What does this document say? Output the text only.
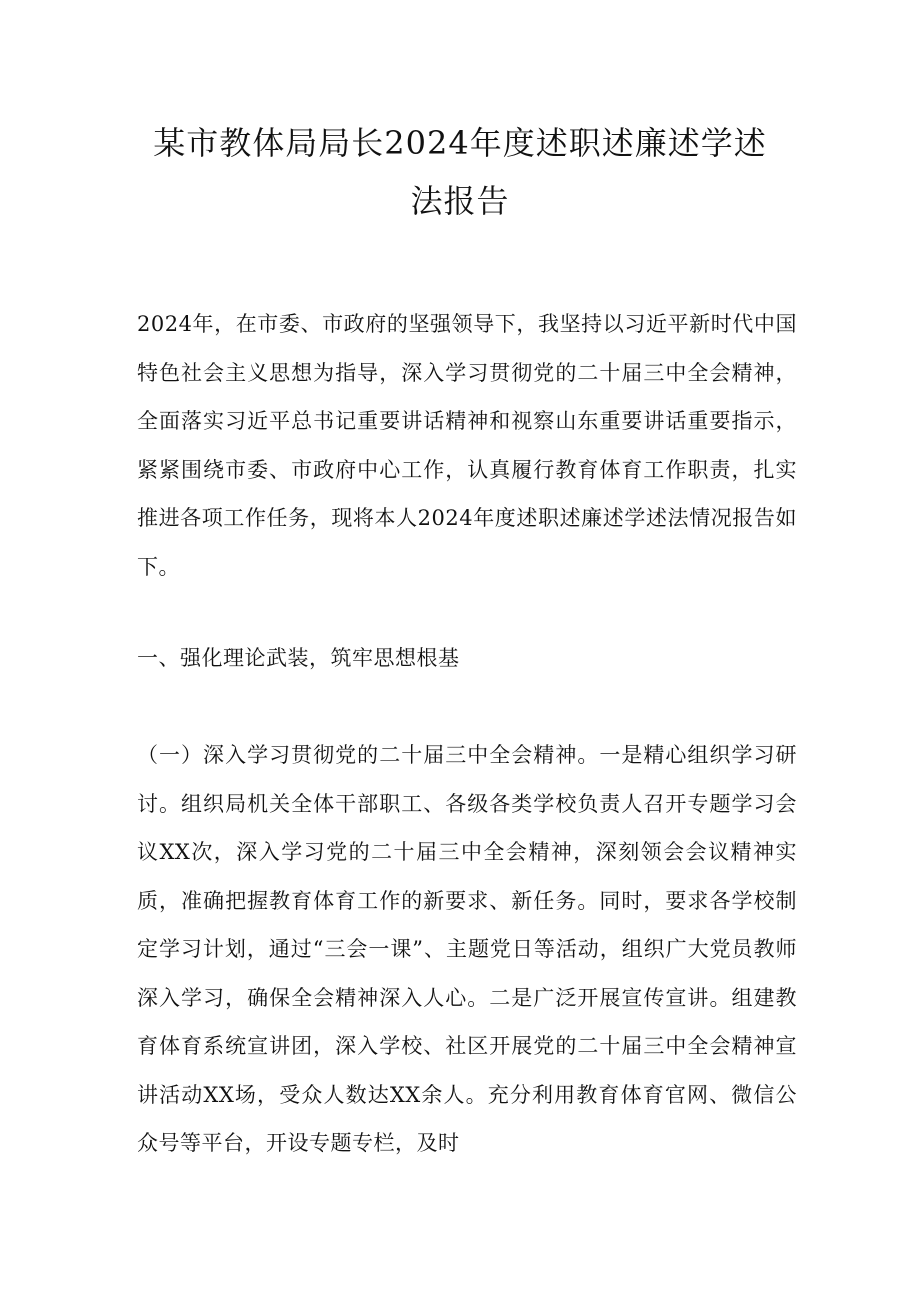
某市教体局局长2024年度述职述廉述学述
法报告

2024年，在市委、市政府的坚强领导下，我坚持以习近平新时代中国特色社会主义思想为指导，深入学习贯彻党的二十届三中全会精神，全面落实习近平总书记重要讲话精神和视察山东重要讲话重要指示，紧紧围绕市委、市政府中心工作，认真履行教育体育工作职责，扎实推进各项工作任务，现将本人2024年度述职述廉述学述法情况报告如下。

一、强化理论武装，筑牢思想根基

（一）深入学习贯彻党的二十届三中全会精神。一是精心组织学习研讨。组织局机关全体干部职工、各级各类学校负责人召开专题学习会议XX次，深入学习党的二十届三中全会精神，深刻领会会议精神实质，准确把握教育体育工作的新要求、新任务。同时，要求各学校制定学习计划，通过“三会一课”、主题党日等活动，组织广大党员教师深入学习，确保全会精神深入人心。二是广泛开展宣传宣讲。组建教育体育系统宣讲团，深入学校、社区开展党的二十届三中全会精神宣讲活动XX场，受众人数达XX余人。充分利用教育体育官网、微信公众号等平台，开设专题专栏，及时
